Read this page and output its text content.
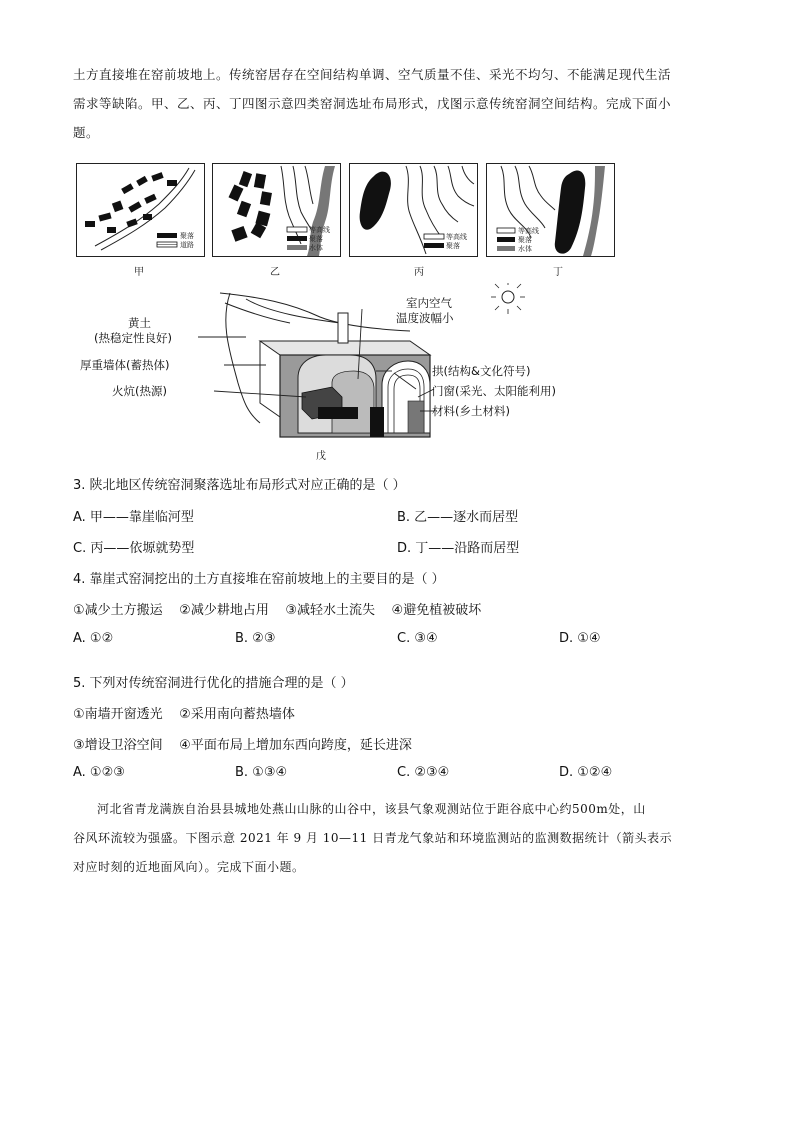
土方直接堆在窑前坡地上。传统窑居存在空间结构单调、空气质量不佳、采光不均匀、不能满足现代生活
需求等缺陷。甲、乙、丙、丁四图示意四类窑洞选址布局形式，戊图示意传统窑洞空间结构。完成下面小
题。
聚落
道路
甲
等高线
聚落
水体
乙
等高线
聚落
丙
等高线
聚落
水体
丁
黄土
(热稳定性良好)
厚重墙体(蓄热体)
火炕(热源)
室内空气
温度波幅小
拱(结构&文化符号)
门窗(采光、太阳能利用)
材料(乡土材料)
戊
3. 陕北地区传统窑洞聚落选址布局形式对应正确的是（ ）
A. 甲——靠崖临河型	B. 乙——逐水而居型
C. 丙——依塬就势型	D. 丁——沿路而居型
4. 靠崖式窑洞挖出的土方直接堆在窑前坡地上的主要目的是（ ）
①减少土方搬运    ②减少耕地占用    ③减轻水土流失    ④避免植被破坏
A. ①②	B. ②③	C. ③④	D. ①④
5. 下列对传统窑洞进行优化的措施合理的是（ ）
①南墙开窗透光    ②采用南向蓄热墙体
③增设卫浴空间    ④平面布局上增加东西向跨度，延长进深
A. ①②③	B. ①③④	C. ②③④	D. ①②④
河北省青龙满族自治县县城地处燕山山脉的山谷中，该县气象观测站位于距谷底中心约500m处，山
谷风环流较为强盛。下图示意 2021 年 9 月 10—11 日青龙气象站和环境监测站的监测数据统计（箭头表示
对应时刻的近地面风向）。完成下面小题。
